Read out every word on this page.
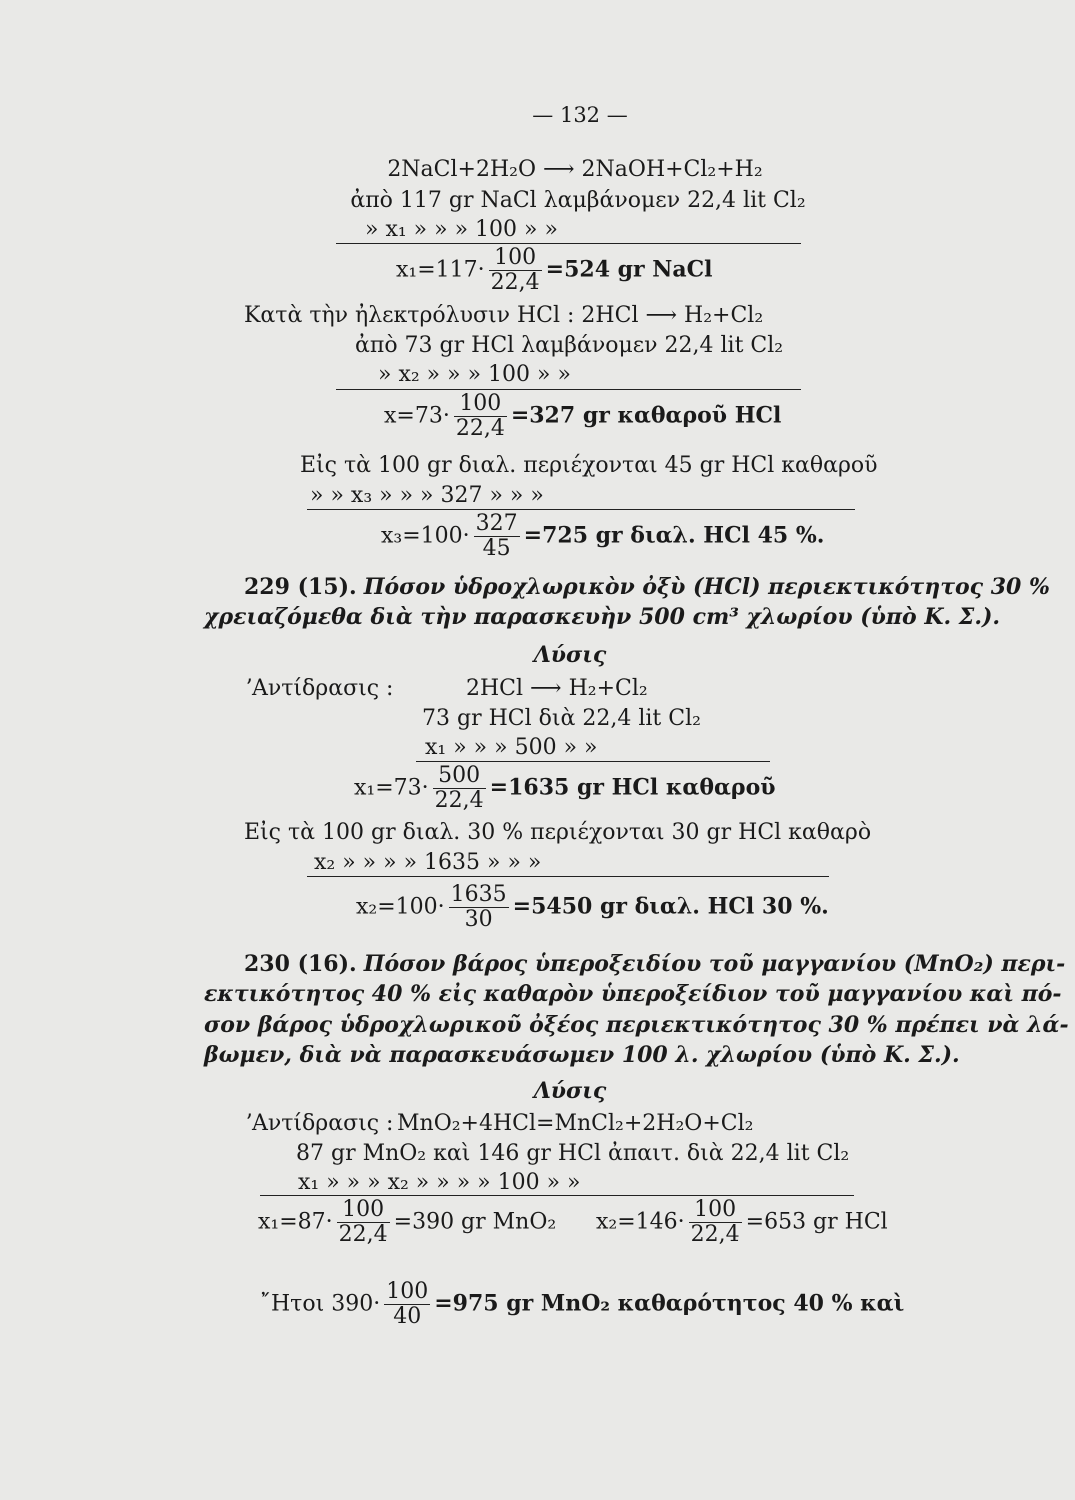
— 132 —
2NaCl+2H₂O ⟶ 2NaOH+Cl₂+H₂
ἀπὸ 117 gr NaCl λαμβάνομεν 22,4 lit Cl₂
» x₁ » » » 100 » »
$x_1=117\cdot \frac{100}{22,4} =524$ gr NaCl
Κατὰ τὴν ἠλεκτρόλυσιν HCl : 2HCl ⟶ H₂+Cl₂
ἀπὸ 73 gr HCl λαμβάνομεν 22,4 lit Cl₂
» x₂ » » » 100 » »
$x=73\cdot \frac{100}{22,4} =327$ gr καθαροῦ HCl
Εἰς τὰ 100 gr διαλ. περιέχονται 45 gr HCl καθαροῦ
» » x₃ » » » 327 » » »
$x_3=100\cdot \frac{327}{45} =725$ gr διαλ. HCl 45 %.
229 (15). Πόσον ὑδροχλωρικὸν ὀξὺ (HCl) περιεκτικότητος 30 %
χρειαζόμεθα διὰ τὴν παρασκευὴν 500 cm³ χλωρίου (ὑπὸ Κ. Σ.).
Λύσις
ʼΑντίδρασις :	2HCl ⟶ H₂+Cl₂
73 gr HCl διὰ 22,4 lit Cl₂
x₁ » » » 500 » »
$x_1=73\cdot \frac{500}{22,4} =1635$ gr HCl καθαροῦ
Εἰς τὰ 100 gr διαλ. 30 % περιέχονται 30 gr HCl καθαρὸ
x₂ » » » » 1635 » » »
$x_2=100\cdot \frac{1635}{30} =5450$ gr διαλ. HCl 30 %.
230 (16). Πόσον βάρος ὑπεροξειδίου τοῦ μαγγανίου (MnO₂) περι-
εκτικότητος 40 % εἰς καθαρὸν ὑπεροξείδιον τοῦ μαγγανίου καὶ πό-
σον βάρος ὑδροχλωρικοῦ ὀξέος περιεκτικότητος 30 % πρέπει νὰ λά-
βωμεν, διὰ νὰ παρασκευάσωμεν 100 λ. χλωρίου (ὑπὸ Κ. Σ.).
Λύσις
ʼΑντίδρασις : MnO₂+4HCl=MnCl₂+2H₂O+Cl₂
87 gr MnO₂ καὶ 146 gr HCl ἀπαιτ. διὰ 22,4 lit Cl₂
x₁ » » » x₂ » » » » 100 » »
$x_1=87\cdot \frac{100}{22,4} =390$ gr MnO₂ $x_2=146\cdot \frac{100}{22,4} =653$ gr HCl
῎Ητοι $390\cdot \frac{100}{40} =975$ gr MnO₂ καθαρότητος 40 % καὶ
